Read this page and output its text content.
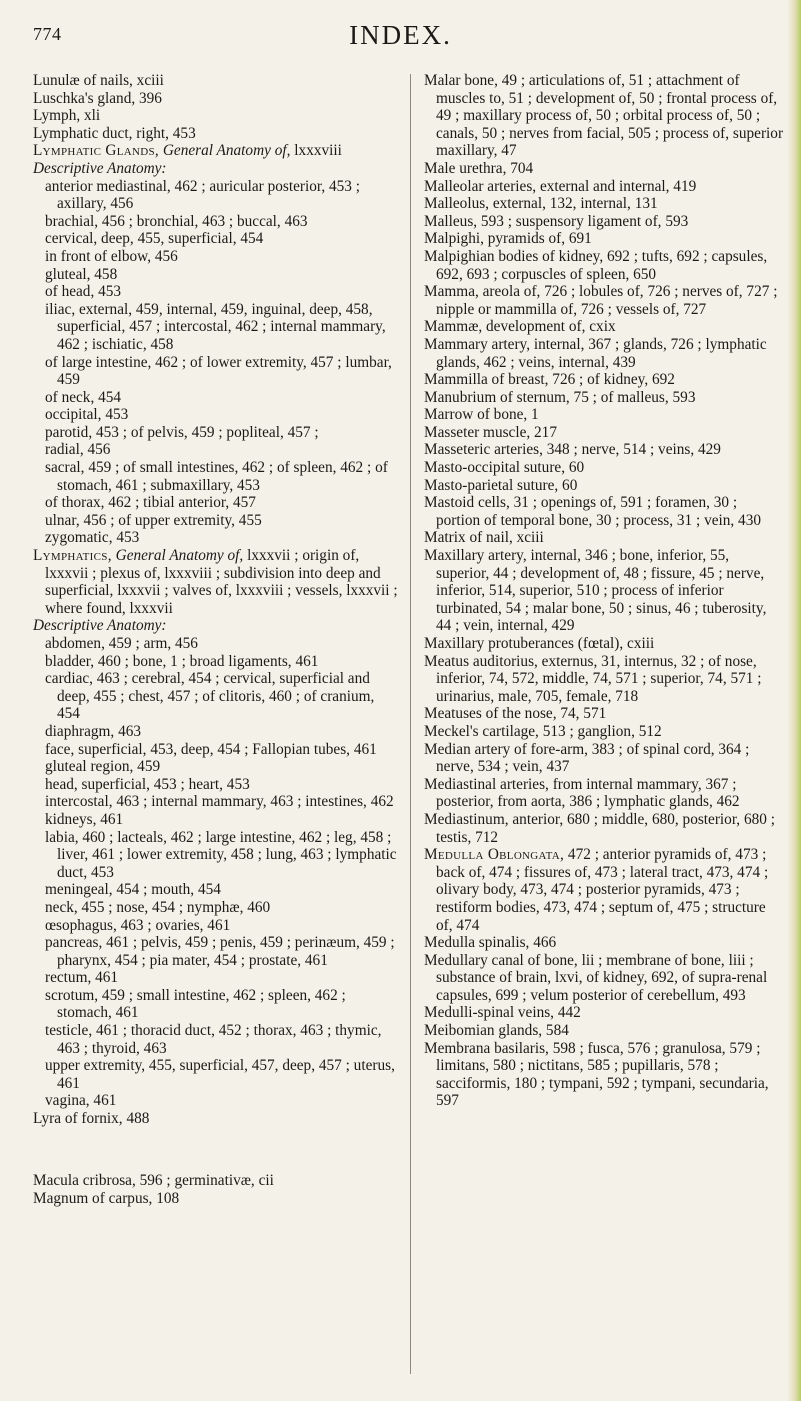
774	INDEX.

Lunulæ of nails, xciii

Luschka's gland, 396

Lymph, xli

Lymphatic duct, right, 453

Lymphatic Glands, General Anatomy of, lxxxviii

Descriptive Anatomy:

anterior mediastinal, 462 ; auricular posterior, 453 ; axillary, 456

brachial, 456 ; bronchial, 463 ; buccal, 463

cervical, deep, 455, superficial, 454

in front of elbow, 456

gluteal, 458

of head, 453

iliac, external, 459, internal, 459, inguinal, deep, 458, superficial, 457 ; intercostal, 462 ; internal mammary, 462 ; ischiatic, 458

of large intestine, 462 ; of lower extremity, 457 ; lumbar, 459

of neck, 454

occipital, 453

parotid, 453 ; of pelvis, 459 ; popliteal, 457 ;

radial, 456

sacral, 459 ; of small intestines, 462 ; of spleen, 462 ; of stomach, 461 ; submaxillary, 453

of thorax, 462 ; tibial anterior, 457

ulnar, 456 ; of upper extremity, 455

zygomatic, 453

Lymphatics, General Anatomy of, lxxxvii ; origin of, lxxxvii ; plexus of, lxxxviii ; subdivision into deep and superficial, lxxxvii ; valves of, lxxxviii ; vessels, lxxxvii ; where found, lxxxvii

Descriptive Anatomy:

abdomen, 459 ; arm, 456

bladder, 460 ; bone, 1 ; broad ligaments, 461

cardiac, 463 ; cerebral, 454 ; cervical, superficial and deep, 455 ; chest, 457 ; of clitoris, 460 ; of cranium, 454

diaphragm, 463

face, superficial, 453, deep, 454 ; Fallopian tubes, 461

gluteal region, 459

head, superficial, 453 ; heart, 453

intercostal, 463 ; internal mammary, 463 ; intestines, 462

kidneys, 461

labia, 460 ; lacteals, 462 ; large intestine, 462 ; leg, 458 ; liver, 461 ; lower extremity, 458 ; lung, 463 ; lymphatic duct, 453

meningeal, 454 ; mouth, 454

neck, 455 ; nose, 454 ; nymphæ, 460

œsophagus, 463 ; ovaries, 461

pancreas, 461 ; pelvis, 459 ; penis, 459 ; perinæum, 459 ; pharynx, 454 ; pia mater, 454 ; prostate, 461

rectum, 461

scrotum, 459 ; small intestine, 462 ; spleen, 462 ; stomach, 461

testicle, 461 ; thoracid duct, 452 ; thorax, 463 ; thymic, 463 ; thyroid, 463

upper extremity, 455, superficial, 457, deep, 457 ; uterus, 461

vagina, 461

Lyra of fornix, 488

Macula cribrosa, 596 ; germinativæ, cii

Magnum of carpus, 108

Malar bone, 49 ; articulations of, 51 ; attachment of muscles to, 51 ; development of, 50 ; frontal process of, 49 ; maxillary process of, 50 ; orbital process of, 50 ; canals, 50 ; nerves from facial, 505 ; process of, superior maxillary, 47

Male urethra, 704

Malleolar arteries, external and internal, 419

Malleolus, external, 132, internal, 131

Malleus, 593 ; suspensory ligament of, 593

Malpighi, pyramids of, 691

Malpighian bodies of kidney, 692 ; tufts, 692 ; capsules, 692, 693 ; corpuscles of spleen, 650

Mamma, areola of, 726 ; lobules of, 726 ; nerves of, 727 ; nipple or mammilla of, 726 ; vessels of, 727

Mammæ, development of, cxix

Mammary artery, internal, 367 ; glands, 726 ; lymphatic glands, 462 ; veins, internal, 439

Mammilla of breast, 726 ; of kidney, 692

Manubrium of sternum, 75 ; of malleus, 593

Marrow of bone, 1

Masseter muscle, 217

Masseteric arteries, 348 ; nerve, 514 ; veins, 429

Masto-occipital suture, 60

Masto-parietal suture, 60

Mastoid cells, 31 ; openings of, 591 ; foramen, 30 ; portion of temporal bone, 30 ; process, 31 ; vein, 430

Matrix of nail, xciii

Maxillary artery, internal, 346 ; bone, inferior, 55, superior, 44 ; development of, 48 ; fissure, 45 ; nerve, inferior, 514, superior, 510 ; process of inferior turbinated, 54 ; malar bone, 50 ; sinus, 46 ; tuberosity, 44 ; vein, internal, 429

Maxillary protuberances (fœtal), cxiii

Meatus auditorius, externus, 31, internus, 32 ; of nose, inferior, 74, 572, middle, 74, 571 ; superior, 74, 571 ; urinarius, male, 705, female, 718

Meatuses of the nose, 74, 571

Meckel's cartilage, 513 ; ganglion, 512

Median artery of fore-arm, 383 ; of spinal cord, 364 ; nerve, 534 ; vein, 437

Mediastinal arteries, from internal mammary, 367 ; posterior, from aorta, 386 ; lymphatic glands, 462

Mediastinum, anterior, 680 ; middle, 680, posterior, 680 ; testis, 712

Medulla Oblongata, 472 ; anterior pyramids of, 473 ; back of, 474 ; fissures of, 473 ; lateral tract, 473, 474 ; olivary body, 473, 474 ; posterior pyramids, 473 ; restiform bodies, 473, 474 ; septum of, 475 ; structure of, 474

Medulla spinalis, 466

Medullary canal of bone, lii ; membrane of bone, liii ; substance of brain, lxvi, of kidney, 692, of supra-renal capsules, 699 ; velum posterior of cerebellum, 493

Medulli-spinal veins, 442

Meibomian glands, 584

Membrana basilaris, 598 ; fusca, 576 ; granulosa, 579 ; limitans, 580 ; nictitans, 585 ; pupillaris, 578 ; sacciformis, 180 ; tympani, 592 ; tympani, secundaria, 597
